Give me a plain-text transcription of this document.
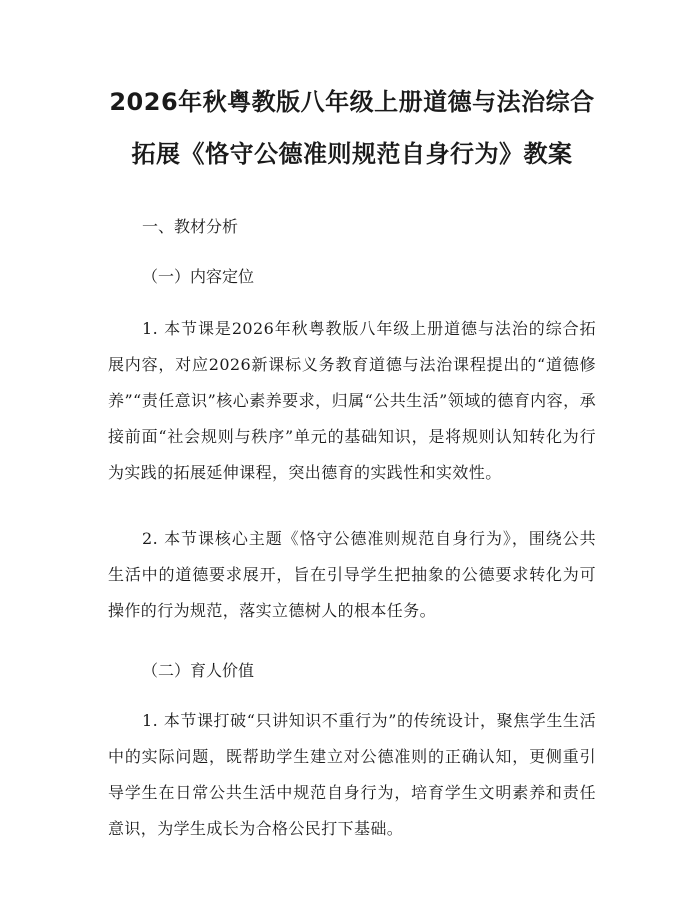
2026年秋粤教版八年级上册道德与法治综合
拓展《恪守公德准则规范自身行为》教案

一、教材分析

（一）内容定位

1. 本节课是2026年秋粤教版八年级上册道德与法治的综合拓展内容，对应2026新课标义务教育道德与法治课程提出的“道德修养”“责任意识”核心素养要求，归属“公共生活”领域的德育内容，承接前面“社会规则与秩序”单元的基础知识，是将规则认知转化为行为实践的拓展延伸课程，突出德育的实践性和实效性。

2. 本节课核心主题《恪守公德准则规范自身行为》，围绕公共生活中的道德要求展开，旨在引导学生把抽象的公德要求转化为可操作的行为规范，落实立德树人的根本任务。

（二）育人价值

1. 本节课打破“只讲知识不重行为”的传统设计，聚焦学生生活中的实际问题，既帮助学生建立对公德准则的正确认知，更侧重引导学生在日常公共生活中规范自身行为，培育学生文明素养和责任意识，为学生成长为合格公民打下基础。
